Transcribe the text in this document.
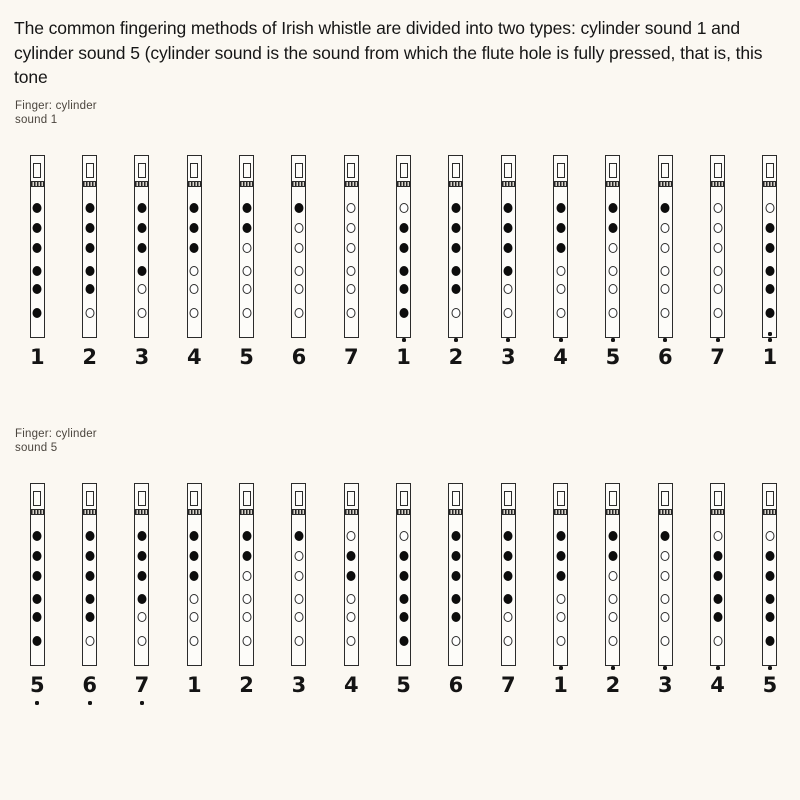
The common fingering methods of Irish whistle are divided into two types: cylinder sound 1 and cylinder sound 5 (cylinder sound is the sound from which the flute hole is fully pressed, that is, this tone

Finger: cylinder
sound 1
1	2	3	4	5	6	7	1	2	3	4	5	6	7	1
Finger: cylinder
sound 5
5	6	7	1	2	3	4	5	6	7	1	2	3	4	5
